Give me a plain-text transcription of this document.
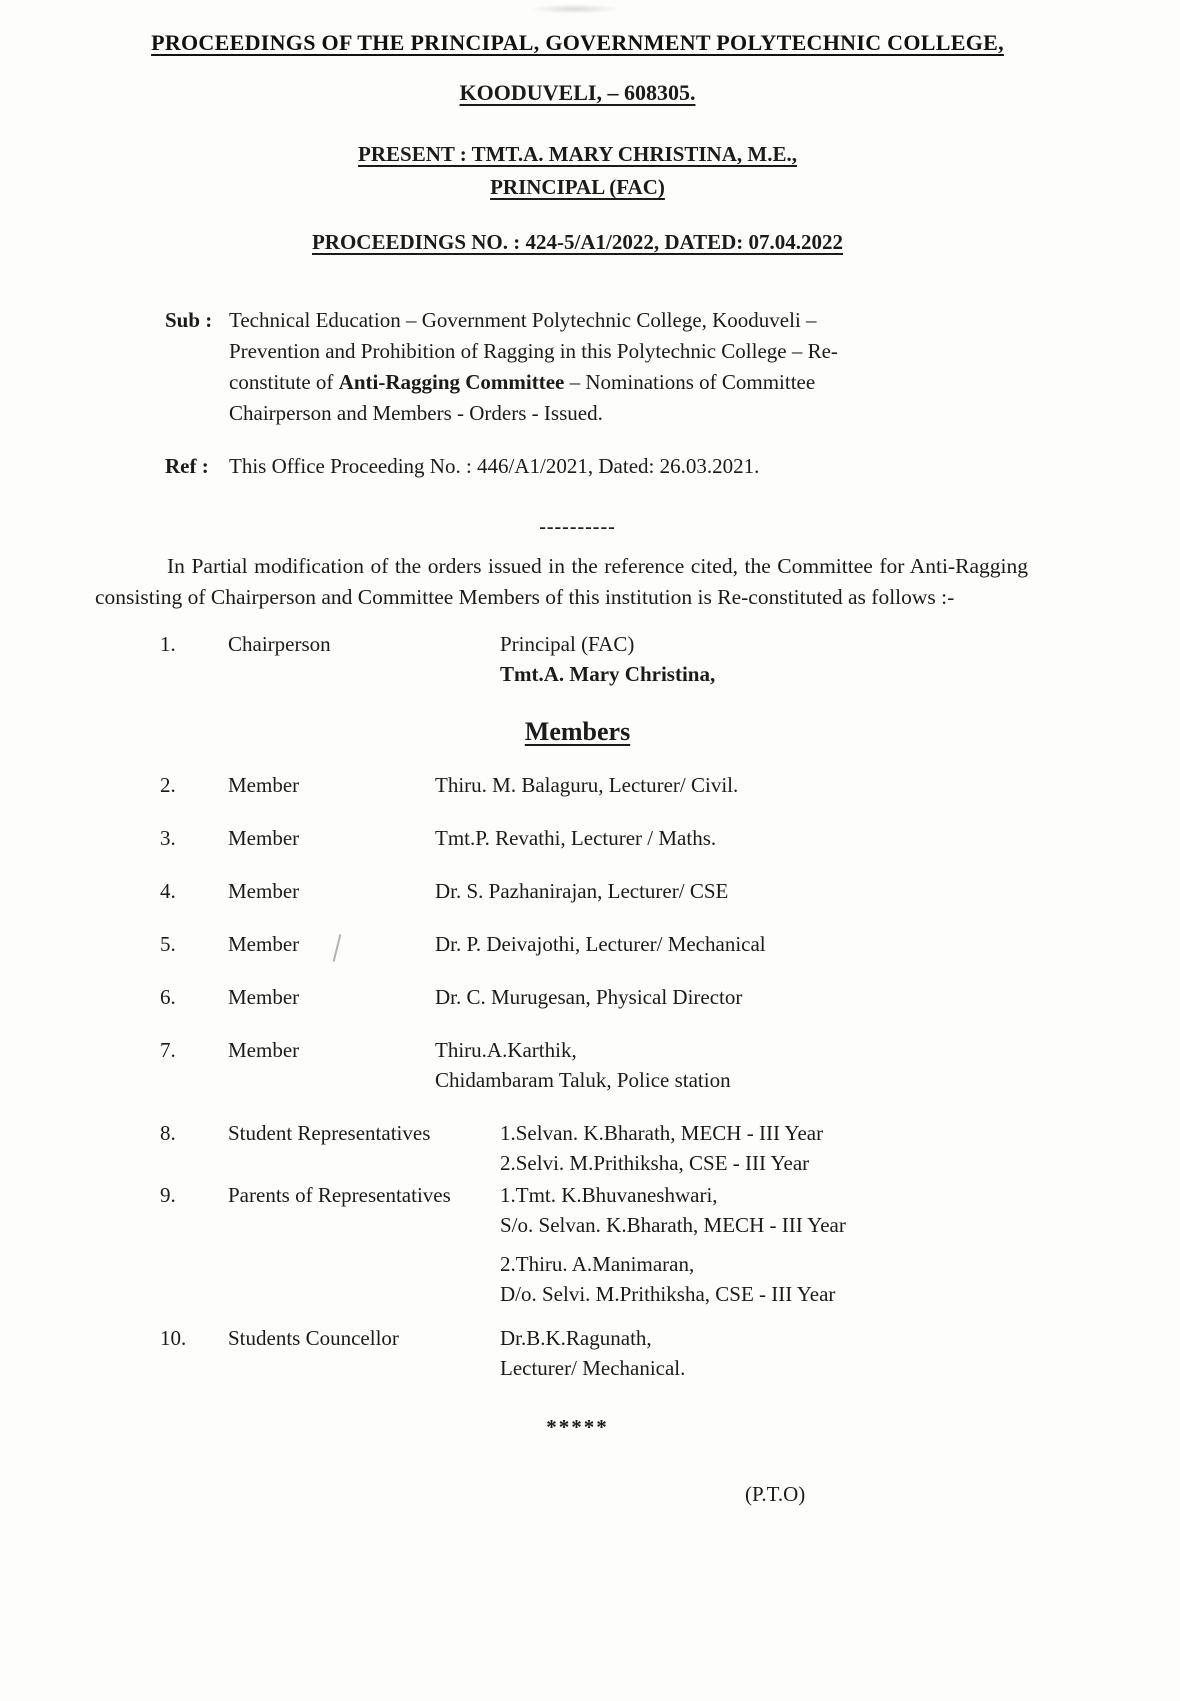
PROCEEDINGS OF THE PRINCIPAL, GOVERNMENT POLYTECHNIC COLLEGE,
KOODUVELI, – 608305.
PRESENT : TMT.A. MARY CHRISTINA, M.E.,
PRINCIPAL (FAC)
PROCEEDINGS NO. : 424-5/A1/2022, DATED: 07.04.2022
Sub : Technical Education – Government Polytechnic College, Kooduveli – Prevention and Prohibition of Ragging in this Polytechnic College – Re-constitute of Anti-Ragging Committee – Nominations of Committee Chairperson and Members - Orders - Issued.
Ref : This Office Proceeding No. : 446/A1/2021, Dated: 26.03.2021.
----------

In Partial modification of the orders issued in the reference cited, the Committee for Anti-Ragging consisting of Chairperson and Committee Members of this institution is Re-constituted as follows :-

1.	Chairperson	Principal (FAC)
Tmt.A. Mary Christina,
Members
2.	Member	Thiru. M. Balaguru, Lecturer/ Civil.
3.	Member	Tmt.P. Revathi, Lecturer / Maths.
4.	Member	Dr. S. Pazhanirajan, Lecturer/ CSE
5.	Member	Dr. P. Deivajothi, Lecturer/ Mechanical
6.	Member	Dr. C. Murugesan, Physical Director
7.	Member	Thiru.A.Karthik,
Chidambaram Taluk, Police station
8.	Student Representatives	1.Selvan. K.Bharath, MECH - III Year
2.Selvi. M.Prithiksha, CSE - III Year
9.	Parents of Representatives	1.Tmt. K.Bhuvaneshwari,
S/o. Selvan. K.Bharath, MECH - III Year
2.Thiru. A.Manimaran,
D/o. Selvi. M.Prithiksha, CSE - III Year
10.	Students Councellor	Dr.B.K.Ragunath,
Lecturer/ Mechanical.
*****
(P.T.O)
